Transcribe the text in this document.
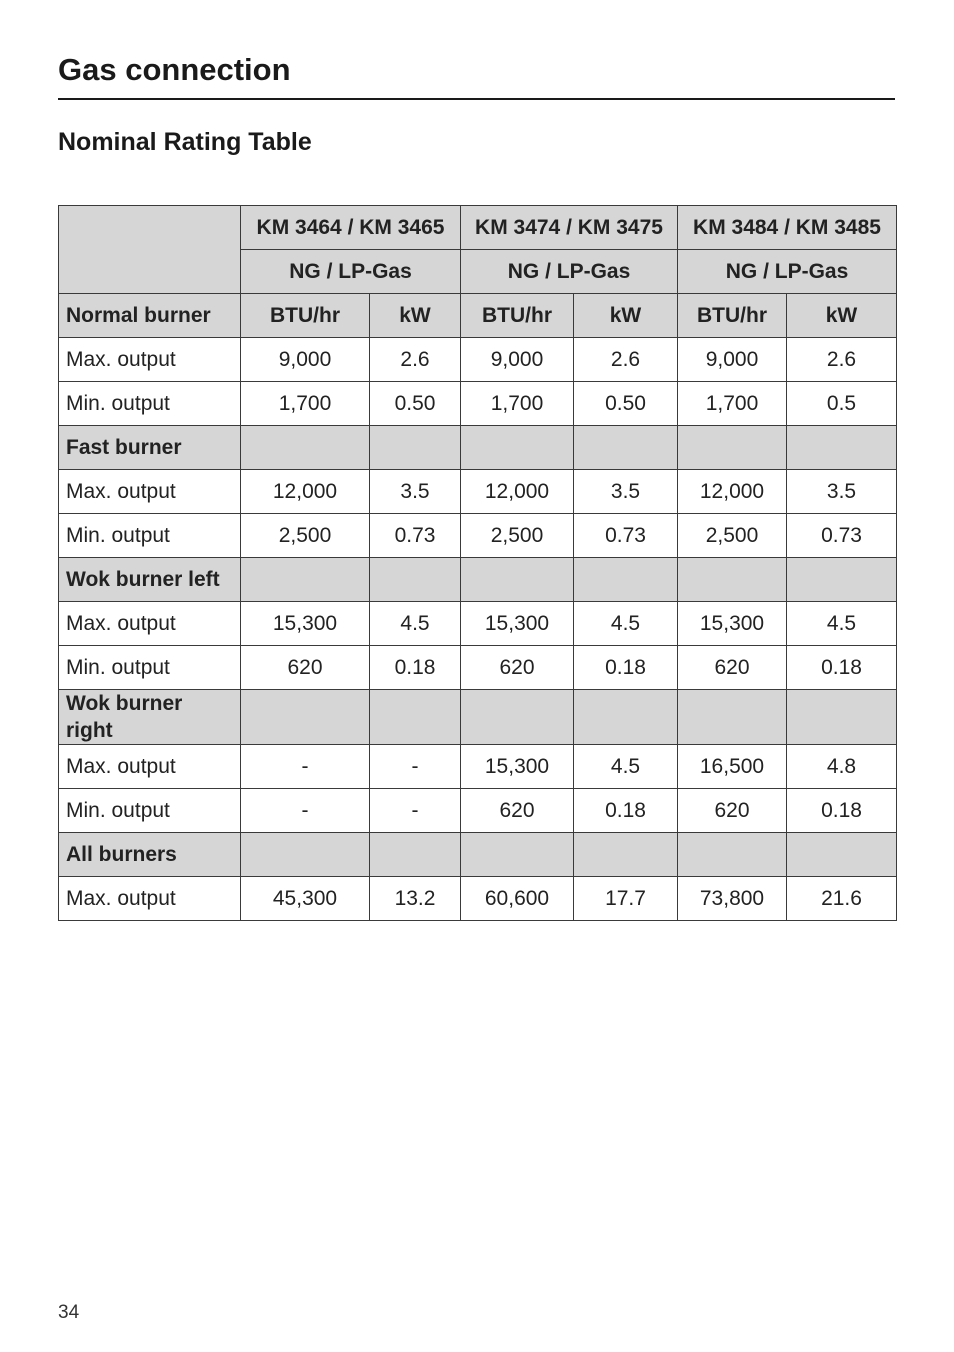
Gas connection
Nominal Rating Table
	KM 3464 / KM 3465		KM 3474 / KM 3475		KM 3484 / KM 3485	
	NG / LP-Gas		NG / LP-Gas		NG / LP-Gas	
Normal burner	BTU/hr	kW	BTU/hr	kW	BTU/hr	kW
Max. output	9,000	2.6	9,000	2.6	9,000	2.6
Min. output	1,700	0.50	1,700	0.50	1,700	0.5
Fast burner						
Max. output	12,000	3.5	12,000	3.5	12,000	3.5
Min. output	2,500	0.73	2,500	0.73	2,500	0.73
Wok burner left						
Max. output	15,300	4.5	15,300	4.5	15,300	4.5
Min. output	620	0.18	620	0.18	620	0.18
Wok burner right						
Max. output	-	-	15,300	4.5	16,500	4.8
Min. output	-	-	620	0.18	620	0.18
All burners						
Max. output	45,300	13.2	60,600	17.7	73,800	21.6
34
